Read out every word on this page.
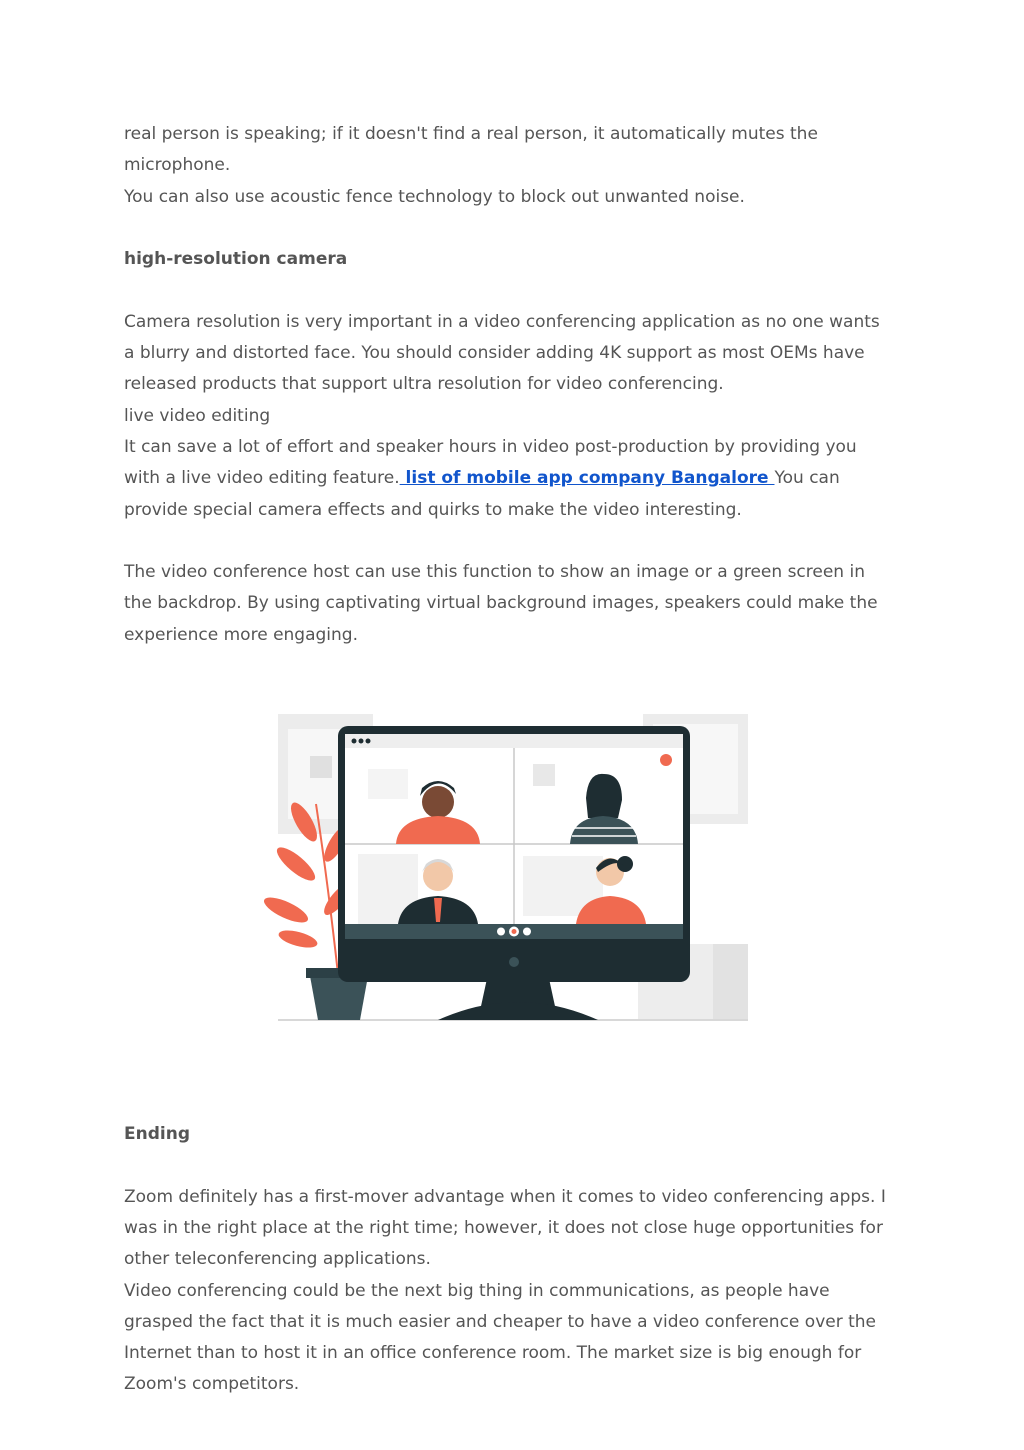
real person is speaking; if it doesn't find a real person, it automatically mutes the

microphone.

You can also use acoustic fence technology to block out unwanted noise.

high-resolution camera

Camera resolution is very important in a video conferencing application as no one wants

a blurry and distorted face. You should consider adding 4K support as most OEMs have

released products that support ultra resolution for video conferencing.

live video editing

It can save a lot of effort and speaker hours in video post-production by providing you

with a live video editing feature. list of mobile app company Bangalore You can

provide special camera effects and quirks to make the video interesting.

The video conference host can use this function to show an image or a green screen in

the backdrop. By using captivating virtual background images, speakers could make the

experience more engaging.

Ending

Zoom definitely has a first-mover advantage when it comes to video conferencing apps. I

was in the right place at the right time; however, it does not close huge opportunities for

other teleconferencing applications.

Video conferencing could be the next big thing in communications, as people have

grasped the fact that it is much easier and cheaper to have a video conference over the

Internet than to host it in an office conference room. The market size is big enough for

Zoom's competitors.
